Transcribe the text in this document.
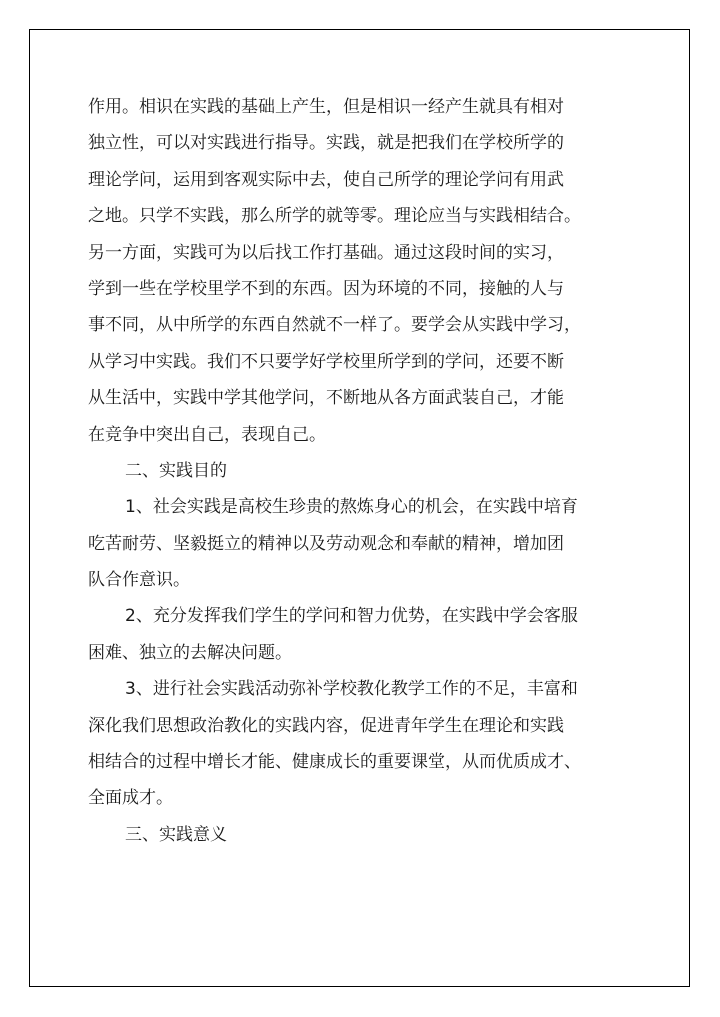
作用。相识在实践的基础上产生，但是相识一经产生就具有相对
独立性，可以对实践进行指导。实践，就是把我们在学校所学的
理论学问，运用到客观实际中去，使自己所学的理论学问有用武
之地。只学不实践，那么所学的就等零。理论应当与实践相结合。
另一方面，实践可为以后找工作打基础。通过这段时间的实习，
学到一些在学校里学不到的东西。因为环境的不同，接触的人与
事不同，从中所学的东西自然就不一样了。要学会从实践中学习，
从学习中实践。我们不只要学好学校里所学到的学问，还要不断
从生活中，实践中学其他学问，不断地从各方面武装自己，才能
在竞争中突出自己，表现自己。
二、实践目的
1、社会实践是高校生珍贵的熬炼身心的机会，在实践中培育
吃苦耐劳、坚毅挺立的精神以及劳动观念和奉献的精神，增加团
队合作意识。
2、充分发挥我们学生的学问和智力优势，在实践中学会客服
困难、独立的去解决问题。
3、进行社会实践活动弥补学校教化教学工作的不足，丰富和
深化我们思想政治教化的实践内容，促进青年学生在理论和实践
相结合的过程中增长才能、健康成长的重要课堂，从而优质成才、
全面成才。
三、实践意义
